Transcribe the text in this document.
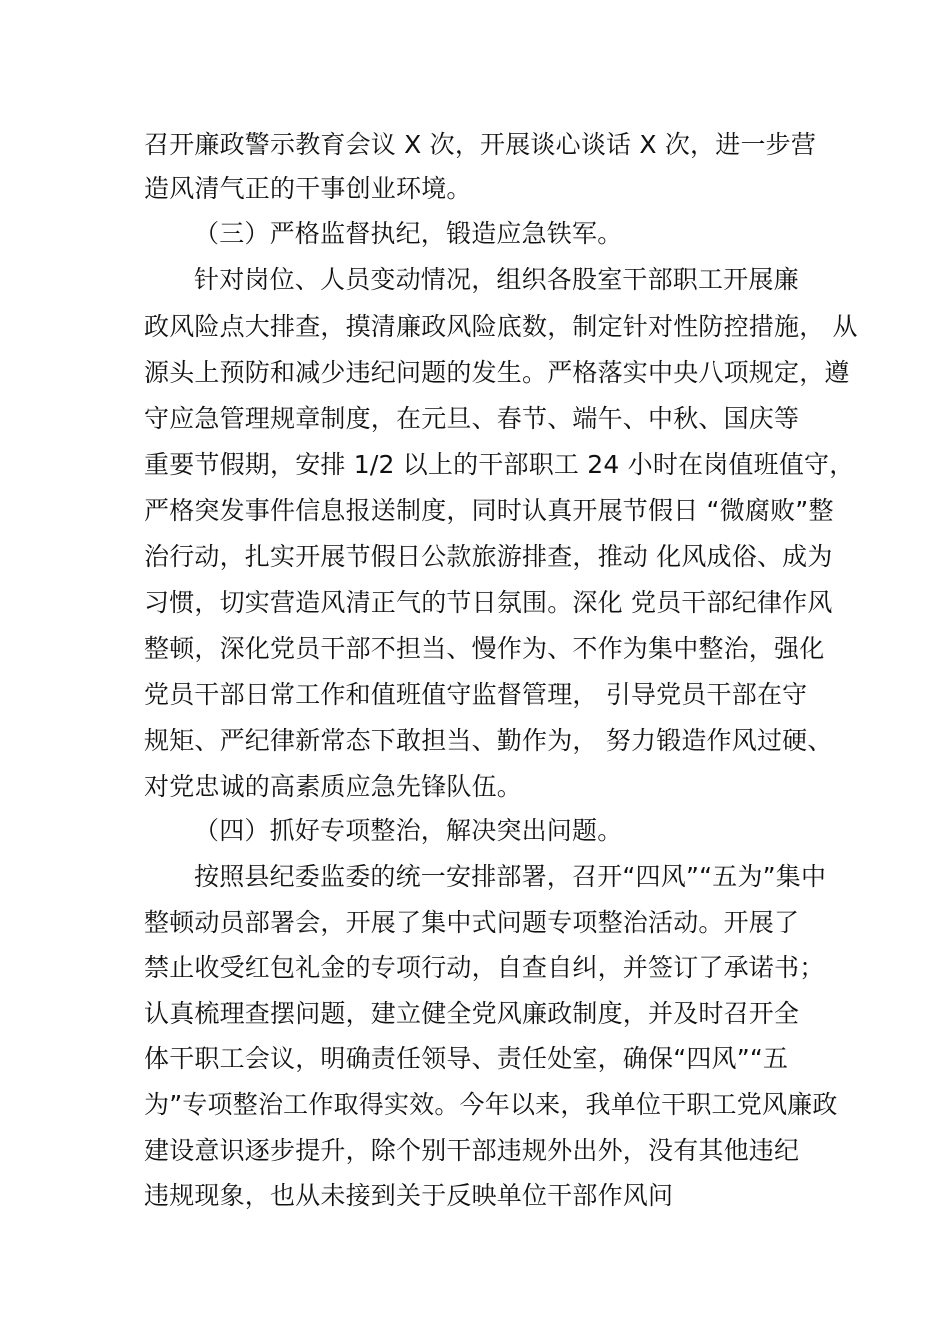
召开廉政警示教育会议 X 次，开展谈心谈话 X 次，进一步营
造风清气正的干事创业环境。
（三）严格监督执纪，锻造应急铁军。
针对岗位、人员变动情况，组织各股室干部职工开展廉
政风险点大排查，摸清廉政风险底数，制定针对性防控措施， 从
源头上预防和减少违纪问题的发生。严格落实中央八项规定，遵
守应急管理规章制度，在元旦、春节、端午、中秋、国庆等
重要节假期，安排 1/2 以上的干部职工 24 小时在岗值班值守，
严格突发事件信息报送制度，同时认真开展节假日 “微腐败”整
治行动，扎实开展节假日公款旅游排查，推动 化风成俗、成为
习惯，切实营造风清正气的节日氛围。深化 党员干部纪律作风
整顿，深化党员干部不担当、慢作为、不作为集中整治，强化
党员干部日常工作和值班值守监督管理， 引导党员干部在守
规矩、严纪律新常态下敢担当、勤作为， 努力锻造作风过硬、
对党忠诚的高素质应急先锋队伍。
（四）抓好专项整治，解决突出问题。
按照县纪委监委的统一安排部署，召开“四风”“五为”集中
整顿动员部署会，开展了集中式问题专项整治活动。开展了
禁止收受红包礼金的专项行动，自查自纠，并签订了承诺书；
认真梳理查摆问题，建立健全党风廉政制度，并及时召开全
体干职工会议，明确责任领导、责任处室，确保“四风”“五
为”专项整治工作取得实效。今年以来，我单位干职工党风廉政
建设意识逐步提升，除个别干部违规外出外，没有其他违纪
违规现象，也从未接到关于反映单位干部作风问
